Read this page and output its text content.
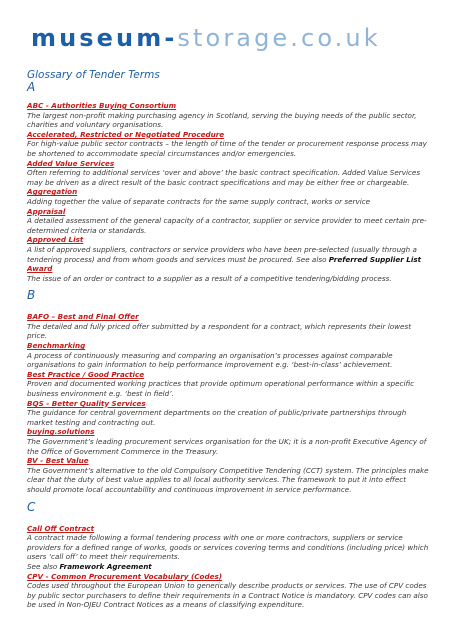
museum-storage.co.uk

Glossary of Tender Terms

A

ABC - Authorities Buying Consortium

The largest non-profit making purchasing agency in Scotland, serving the buying needs of the public sector, charities and voluntary organisations.

Accelerated, Restricted or Negotiated Procedure

For high-value public sector contracts – the length of time of the tender or procurement response process may be shortened to accommodate special circumstances and/or emergencies.

Added Value Services

Often referring to additional services ‘over and above’ the basic contract specification. Added Value Services may be driven as a direct result of the basic contract specifications and may be either free or chargeable.

Aggregation

Adding together the value of separate contracts for the same supply contract, works or service

Appraisal

A detailed assessment of the general capacity of a contractor, supplier or service provider to meet certain pre-determined criteria or standards.

Approved List

A list of approved suppliers, contractors or service providers who have been pre-selected (usually through a tendering process) and from whom goods and services must be procured. See also Preferred Supplier List

Award

The issue of an order or contract to a supplier as a result of a competitive tendering/bidding process.

B

BAFO – Best and Final Offer

The detailed and fully priced offer submitted by a respondent for a contract, which represents their lowest price.

Benchmarking

A process of continuously measuring and comparing an organisation’s processes against comparable organisations to gain information to help performance improvement e.g. ‘best-in-class’ achievement.

Best Practice / Good Practice

Proven and documented working practices that provide optimum operational performance within a specific business environment e.g. ‘best in field’.

BQS - Better Quality Services

The guidance for central government departments on the creation of public/private partnerships through market testing and contracting out.

buying.solutions

The Government’s leading procurement services organisation for the UK; it is a non-profit Executive Agency of the Office of Government Commerce in the Treasury.

BV - Best Value

The Government’s alternative to the old Compulsory Competitive Tendering (CCT) system. The principles make clear that the duty of best value applies to all local authority services. The framework to put it into effect should promote local accountability and continuous improvement in service performance.

C

Call Off Contract

A contract made following a formal tendering process with one or more contractors, suppliers or service providers for a defined range of works, goods or services covering terms and conditions (including price) which users ‘call off’ to meet their requirements.

See also Framework Agreement

CPV - Common Procurement Vocabulary (Codes)

Codes used throughout the European Union to generically describe products or services. The use of CPV codes by public sector purchasers to define their requirements in a Contract Notice is mandatory. CPV codes can also be used in Non-OJEU Contract Notices as a means of classifying expenditure.
